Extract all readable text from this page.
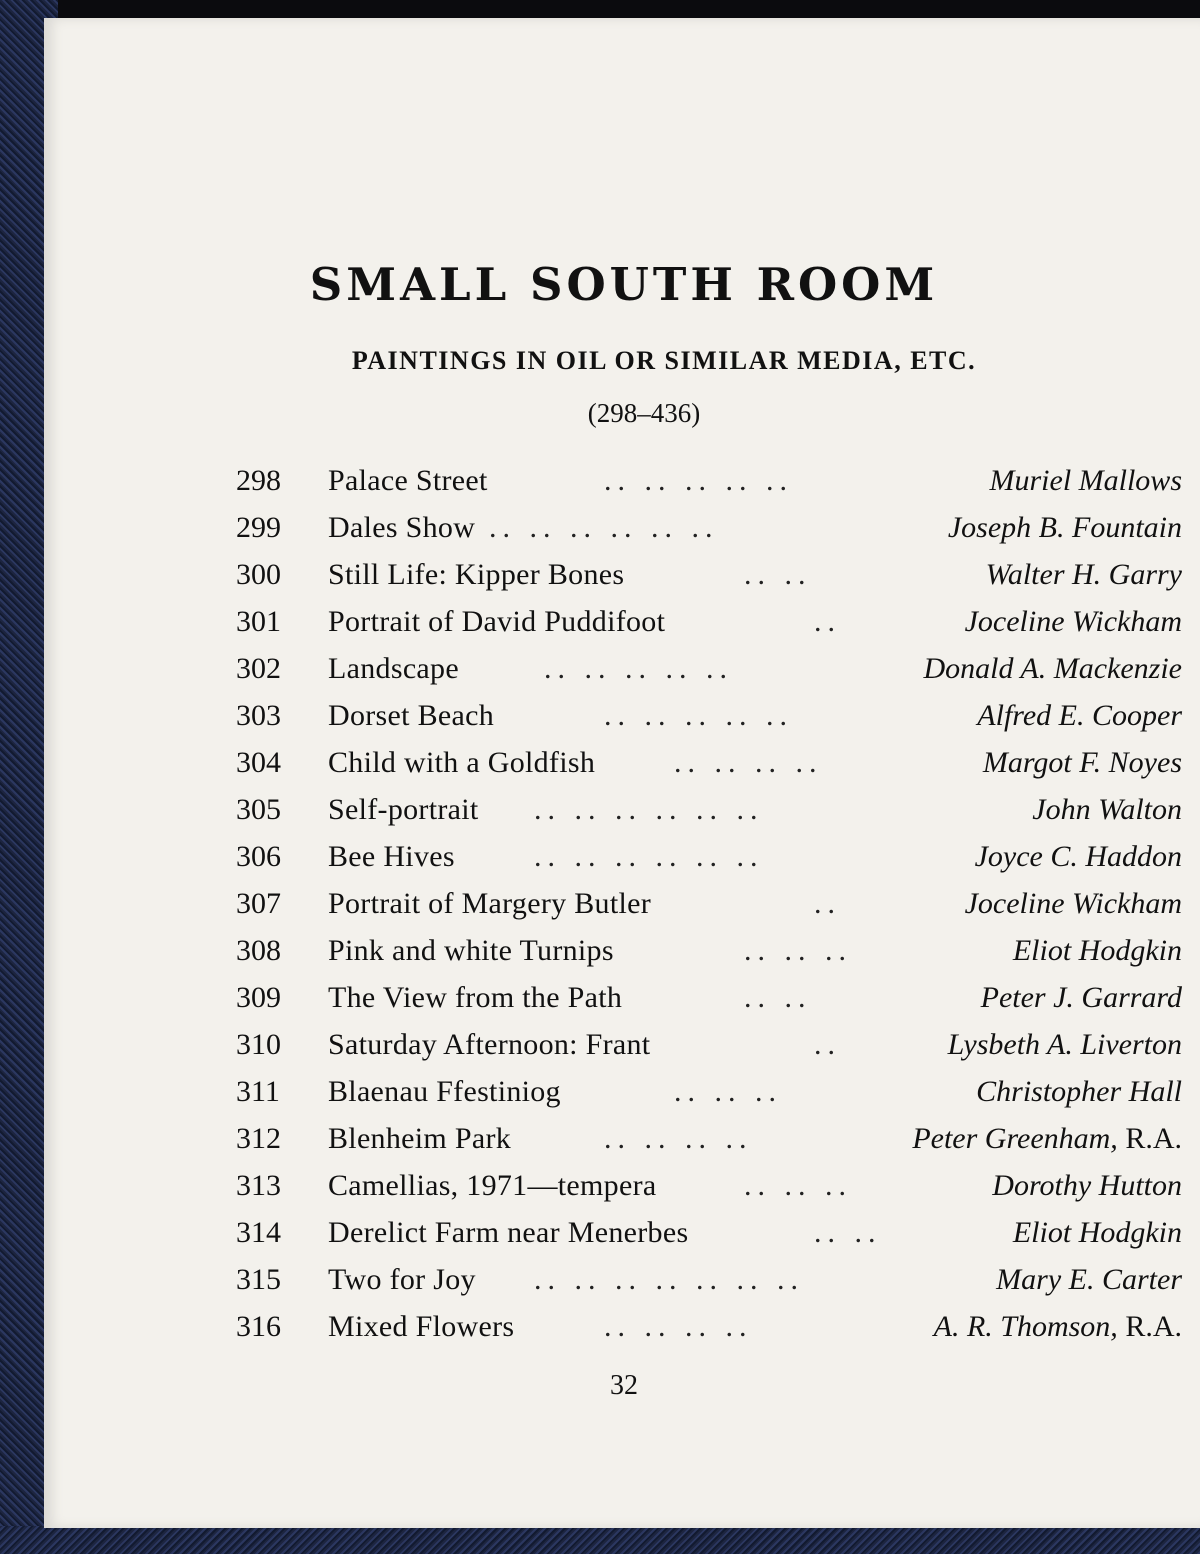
SMALL SOUTH ROOM
PAINTINGS IN OIL OR SIMILAR MEDIA, ETC.
(298–436)
298	Palace Street	.. .. .. .. ..	Muriel Mallows
299	Dales Show .. .. .. .. .. ..	Joseph B. Fountain
300	Still Life: Kipper Bones	.. ..	Walter H. Garry
301	Portrait of David Puddifoot	..	Joceline Wickham
302	Landscape	.. .. .. .. ..	Donald A. Mackenzie
303	Dorset Beach	.. .. .. .. ..	Alfred E. Cooper
304	Child with a Goldfish	.. .. .. ..	Margot F. Noyes
305	Self-portrait .. .. .. .. .. ..	John Walton
306	Bee Hives	.. .. .. .. .. ..	Joyce C. Haddon
307	Portrait of Margery Butler	..	Joceline Wickham
308	Pink and white Turnips	.. .. ..	Eliot Hodgkin
309	The View from the Path	.. ..	Peter J. Garrard
310	Saturday Afternoon: Frant	..	Lysbeth A. Liverton
311	Blaenau Ffestiniog	.. .. ..	Christopher Hall
312	Blenheim Park	.. .. .. ..	Peter Greenham, R.A.
313	Camellias, 1971—tempera	.. .. ..	Dorothy Hutton
314	Derelict Farm near Menerbes	.. ..	Eliot Hodgkin
315	Two for Joy .. .. .. .. .. .. ..	Mary E. Carter
316	Mixed Flowers	.. .. .. ..	A. R. Thomson, R.A.
32
